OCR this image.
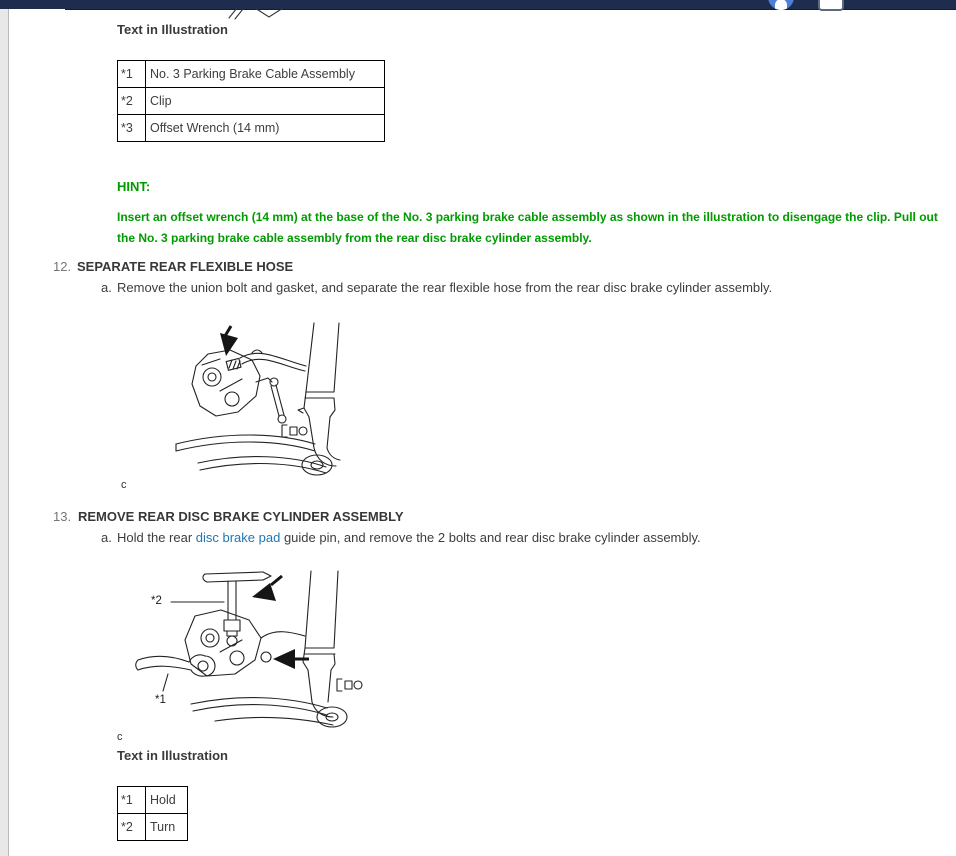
Text in Illustration
*1	No. 3 Parking Brake Cable Assembly
*2	Clip
*3	Offset Wrench (14 mm)
HINT:
Insert an offset wrench (14 mm) at the base of the No. 3 parking brake cable assembly as shown in the illustration to disengage the clip. Pull out the No. 3 parking brake cable assembly from the rear disc brake cylinder assembly.
12. SEPARATE REAR FLEXIBLE HOSE
a. Remove the union bolt and gasket, and separate the rear flexible hose from the rear disc brake cylinder assembly.
c
13. REMOVE REAR DISC BRAKE CYLINDER ASSEMBLY
a. Hold the rear disc brake pad guide pin, and remove the 2 bolts and rear disc brake cylinder assembly.
*2
*1
c
Text in Illustration
*1	Hold
*2	Turn
